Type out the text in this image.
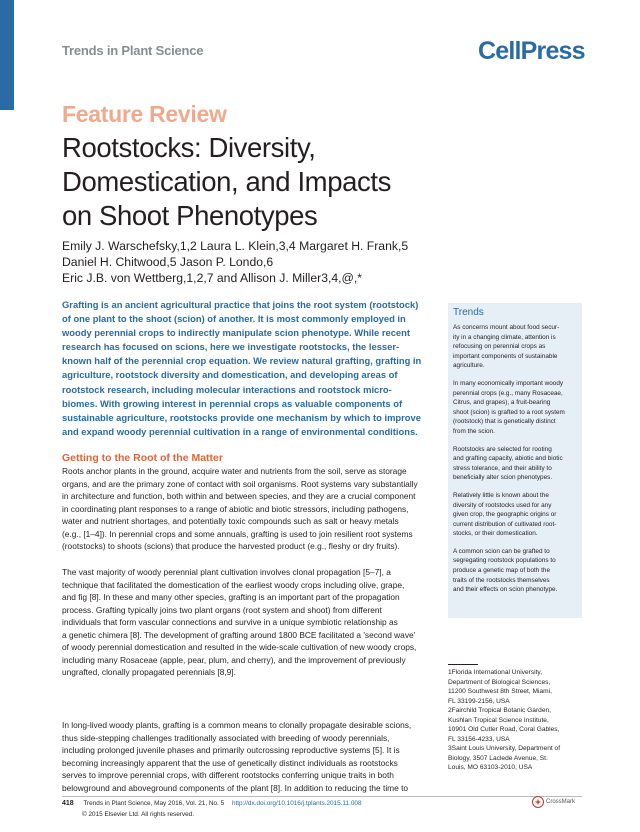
Trends in Plant Science	CellPress
Feature Review
Rootstocks: Diversity,
Domestication, and Impacts
on Shoot Phenotypes
Emily J. Warschefsky,1,2 Laura L. Klein,3,4 Margaret H. Frank,5
Daniel H. Chitwood,5 Jason P. Londo,6
Eric J.B. von Wettberg,1,2,7 and Allison J. Miller3,4,@,*
Grafting is an ancient agricultural practice that joins the root system (rootstock)
of one plant to the shoot (scion) of another. It is most commonly employed in
woody perennial crops to indirectly manipulate scion phenotype. While recent
research has focused on scions, here we investigate rootstocks, the lesser-
known half of the perennial crop equation. We review natural grafting, grafting in
agriculture, rootstock diversity and domestication, and developing areas of
rootstock research, including molecular interactions and rootstock micro-
biomes. With growing interest in perennial crops as valuable components of
sustainable agriculture, rootstocks provide one mechanism by which to improve
and expand woody perennial cultivation in a range of environmental conditions.
Getting to the Root of the Matter
Roots anchor plants in the ground, acquire water and nutrients from the soil, serve as storage
organs, and are the primary zone of contact with soil organisms. Root systems vary substantially
in architecture and function, both within and between species, and they are a crucial component
in coordinating plant responses to a range of abiotic and biotic stressors, including pathogens,
water and nutrient shortages, and potentially toxic compounds such as salt or heavy metals
(e.g., [1–4]). In perennial crops and some annuals, grafting is used to join resilient root systems
(rootstocks) to shoots (scions) that produce the harvested product (e.g., fleshy or dry fruits).
The vast majority of woody perennial plant cultivation involves clonal propagation [5–7], a
technique that facilitated the domestication of the earliest woody crops including olive, grape,
and fig [8]. In these and many other species, grafting is an important part of the propagation
process. Grafting typically joins two plant organs (root system and shoot) from different
individuals that form vascular connections and survive in a unique symbiotic relationship as
a genetic chimera [8]. The development of grafting around 1800 BCE facilitated a 'second wave'
of woody perennial domestication and resulted in the wide-scale cultivation of new woody crops,
including many Rosaceae (apple, pear, plum, and cherry), and the improvement of previously
ungrafted, clonally propagated perennials [8,9].
In long-lived woody plants, grafting is a common means to clonally propagate desirable scions,
thus side-stepping challenges traditionally associated with breeding of woody perennials,
including prolonged juvenile phases and primarily outcrossing reproductive systems [5]. It is
becoming increasingly apparent that the use of genetically distinct individuals as rootstocks
serves to improve perennial crops, with different rootstocks conferring unique traits in both
belowground and aboveground components of the plant [8]. In addition to reducing the time to
Trends
As concerns mount about food secur-
ity in a changing climate, attention is
refocusing on perennial crops as
important components of sustainable
agriculture.
In many economically important woody
perennial crops (e.g., many Rosaceae,
Citrus, and grapes), a fruit-bearing
shoot (scion) is grafted to a root system
(rootstock) that is genetically distinct
from the scion.
Rootstocks are selected for rooting
and grafting capacity, abiotic and biotic
stress tolerance, and their ability to
beneficially alter scion phenotypes.
Relatively little is known about the
diversity of rootstocks used for any
given crop, the geographic origins or
current distribution of cultivated root-
stocks, or their domestication.
A common scion can be grafted to
segregating rootstock populations to
produce a genetic map of both the
traits of the rootstocks themselves
and their effects on scion phenotype.
1Florida International University,
Department of Biological Sciences,
11200 Southwest 8th Street, Miami,
FL 33199-2156, USA
2Fairchild Tropical Botanic Garden,
Kushlan Tropical Science Institute,
10901 Old Cutler Road, Coral Gables,
FL 33156-4233, USA
3Saint Louis University, Department of
Biology, 3507 Laclede Avenue, St.
Louis, MO 63103-2010, USA
418 Trends in Plant Science, May 2016, Vol. 21, No. 5 http://dx.doi.org/10.1016/j.tplants.2015.11.008
© 2015 Elsevier Ltd. All rights reserved.
CrossMark
